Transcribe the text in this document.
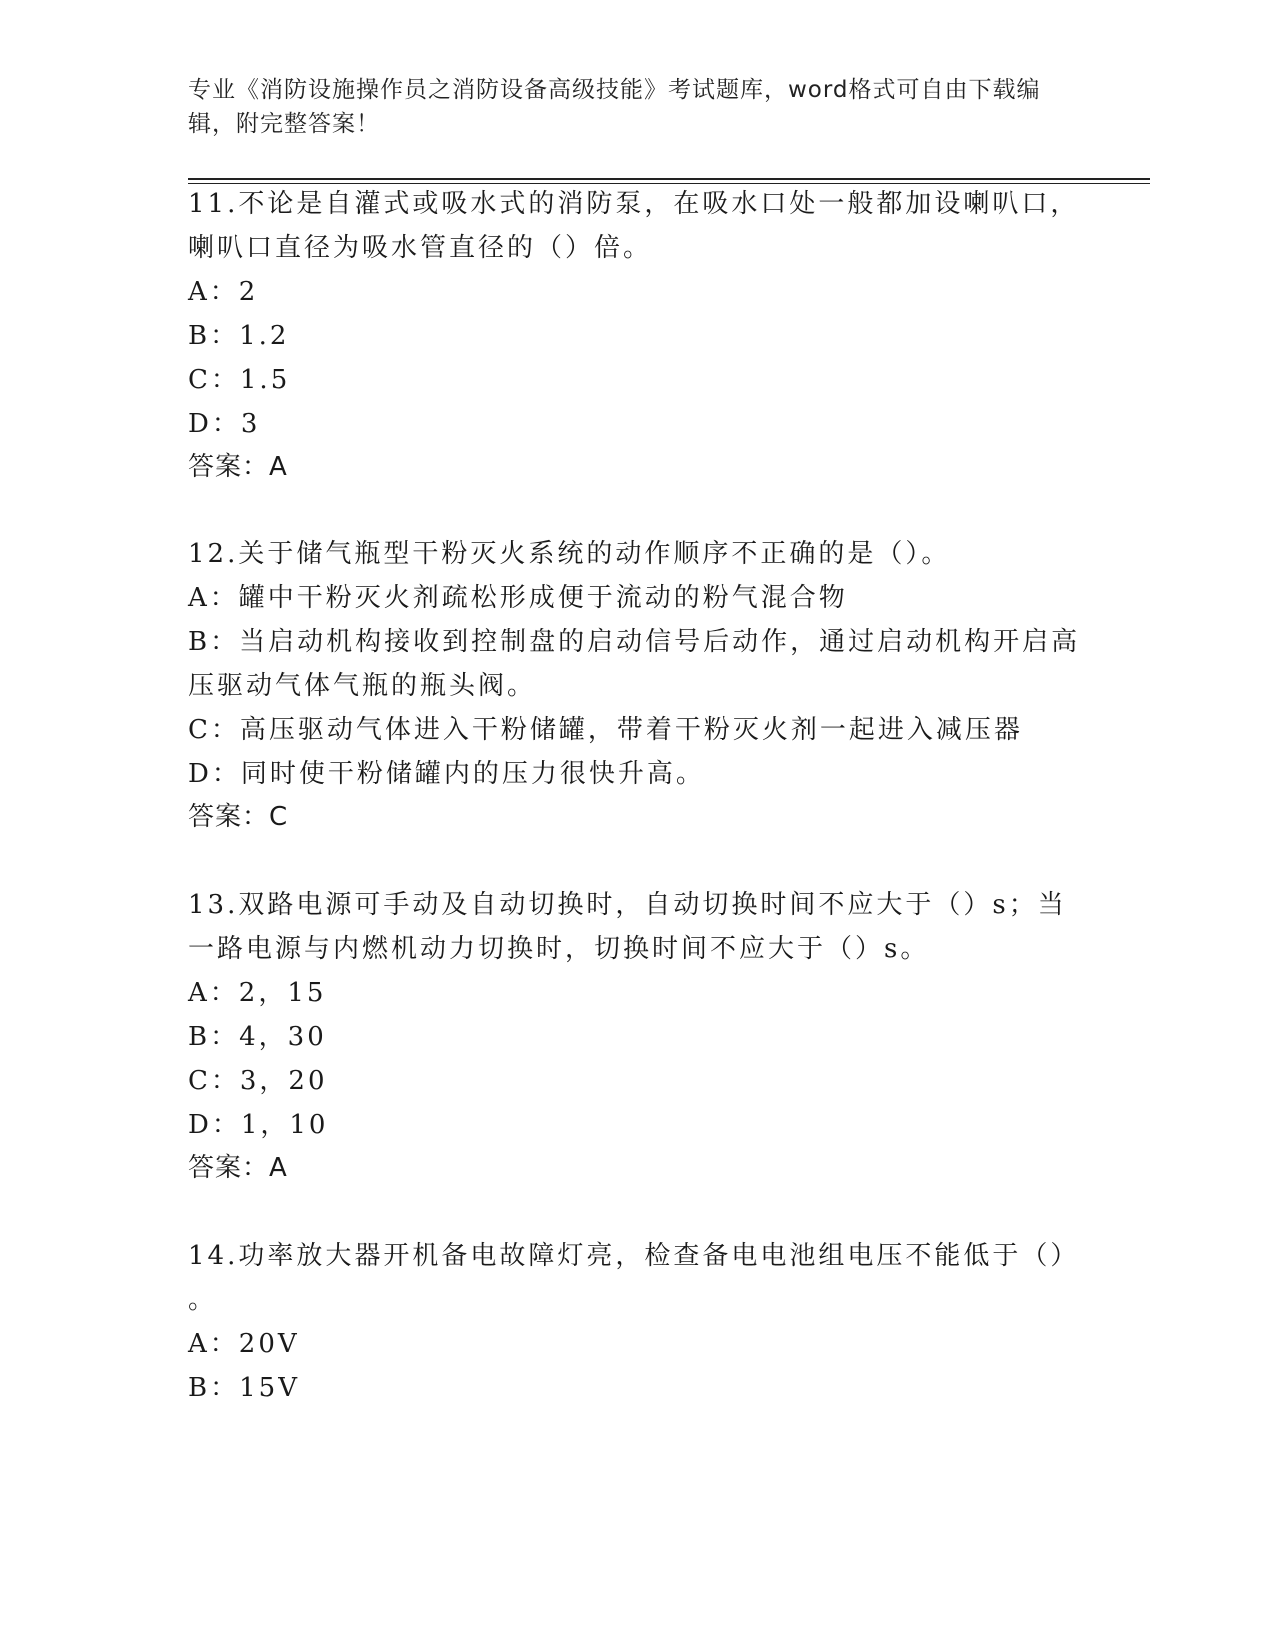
专业《消防设施操作员之消防设备高级技能》考试题库，word格式可自由下载编辑，附完整答案！
11.不论是自灌式或吸水式的消防泵，在吸水口处一般都加设喇叭口，
喇叭口直径为吸水管直径的（）倍。
A：2
B：1.2
C：1.5
D：3
答案：A
12.关于储气瓶型干粉灭火系统的动作顺序不正确的是（）。
A：罐中干粉灭火剂疏松形成便于流动的粉气混合物
B：当启动机构接收到控制盘的启动信号后动作，通过启动机构开启高
压驱动气体气瓶的瓶头阀。
C：高压驱动气体进入干粉储罐，带着干粉灭火剂一起进入减压器
D：同时使干粉储罐内的压力很快升高。
答案：C
13.双路电源可手动及自动切换时，自动切换时间不应大于（）s；当
一路电源与内燃机动力切换时，切换时间不应大于（）s。
A：2，15
B：4，30
C：3，20
D：1，10
答案：A
14.功率放大器开机备电故障灯亮，检查备电电池组电压不能低于（）
。
A：20V
B：15V
